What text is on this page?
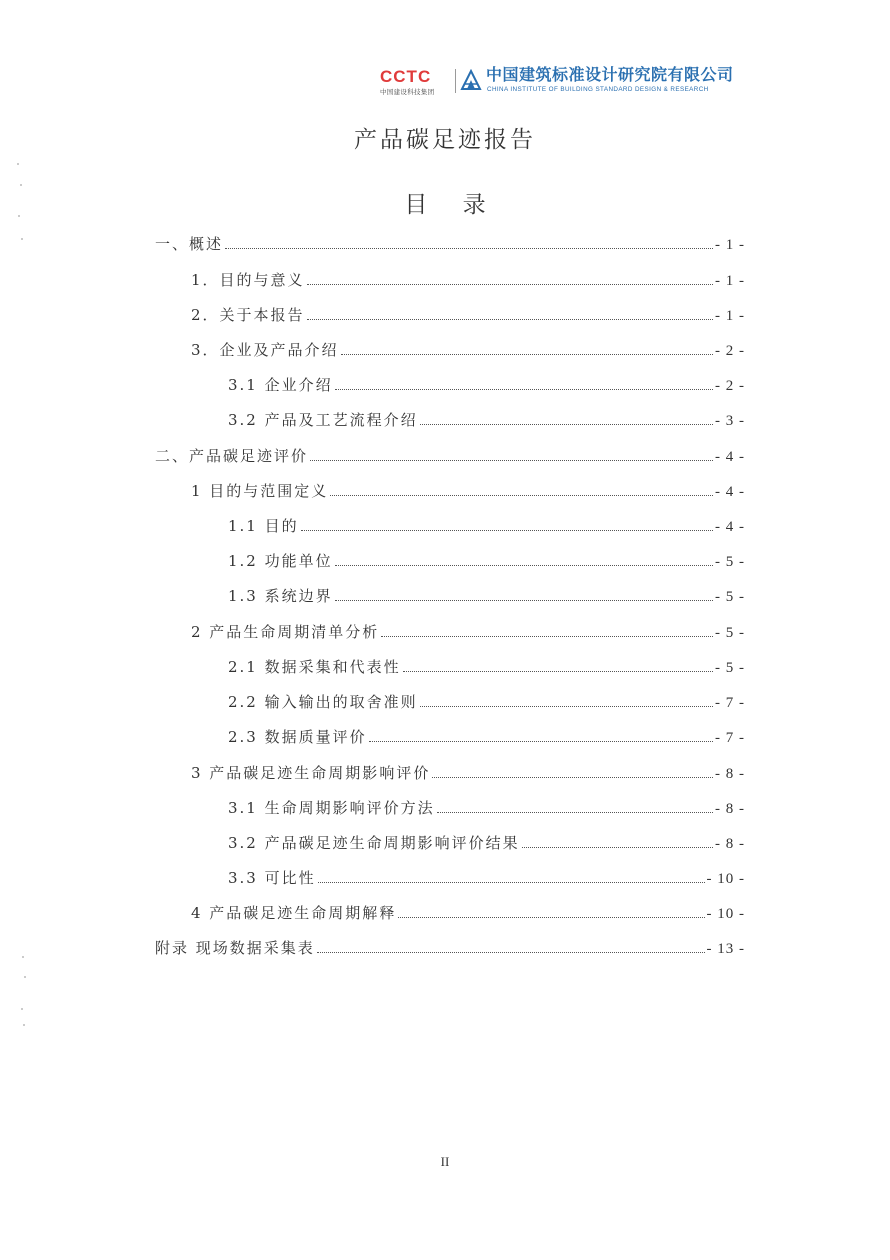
CCTC
中国建设科技集团
中国建筑标准设计研究院有限公司
CHINA INSTITUTE OF BUILDING STANDARD DESIGN & RESEARCH
产品碳足迹报告
目 录
一、概述	- 1 -
1．目的与意义	- 1 -
2．关于本报告	- 1 -
3．企业及产品介绍	- 2 -
3.1 企业介绍	- 2 -
3.2 产品及工艺流程介绍	- 3 -
二、产品碳足迹评价	- 4 -
1 目的与范围定义	- 4 -
1.1 目的	- 4 -
1.2 功能单位	- 5 -
1.3 系统边界	- 5 -
2 产品生命周期清单分析	- 5 -
2.1 数据采集和代表性	- 5 -
2.2 输入输出的取舍准则	- 7 -
2.3 数据质量评价	- 7 -
3 产品碳足迹生命周期影响评价	- 8 -
3.1 生命周期影响评价方法	- 8 -
3.2 产品碳足迹生命周期影响评价结果	- 8 -
3.3 可比性	- 10 -
4 产品碳足迹生命周期解释	- 10 -
附录 现场数据采集表	- 13 -
II
